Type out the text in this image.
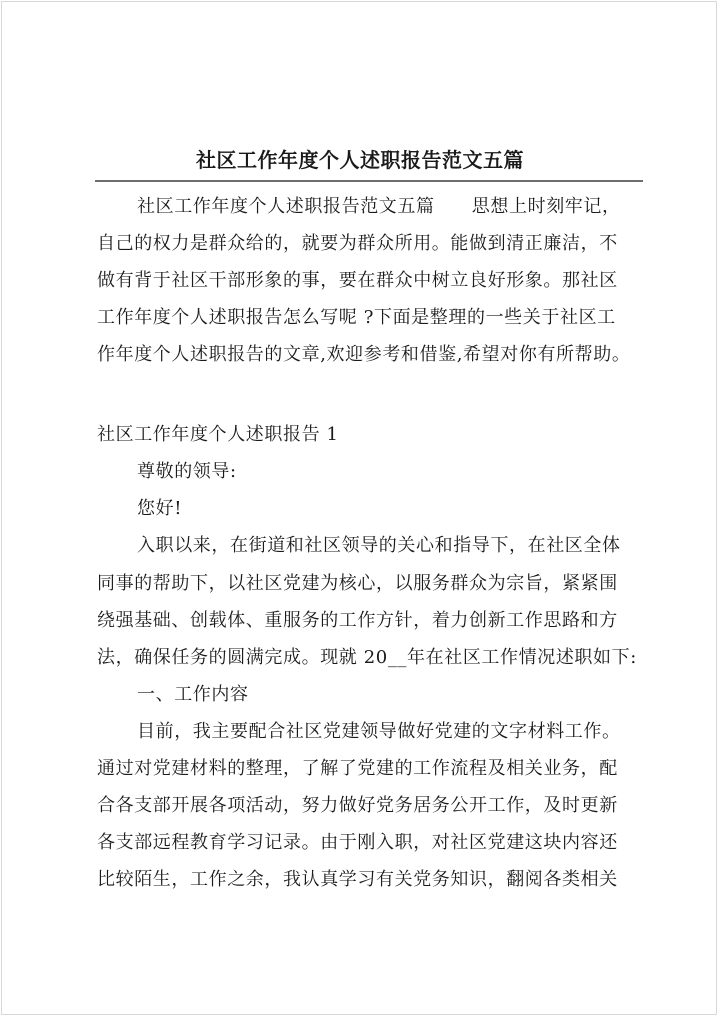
社区工作年度个人述职报告范文五篇
社区工作年度个人述职报告范文五篇　　思想上时刻牢记，
自己的权力是群众给的，就要为群众所用。能做到清正廉洁，不
做有背于社区干部形象的事，要在群众中树立良好形象。那社区
工作年度个人述职报告怎么写呢 ?下面是整理的一些关于社区工
作年度个人述职报告的文章,欢迎参考和借鉴,希望对你有所帮助。
社区工作年度个人述职报告 1
尊敬的领导:
您好!
入职以来，在街道和社区领导的关心和指导下，在社区全体
同事的帮助下，以社区党建为核心，以服务群众为宗旨，紧紧围
绕强基础、创载体、重服务的工作方针，着力创新工作思路和方
法，确保任务的圆满完成。现就 20__年在社区工作情况述职如下:
一、工作内容
目前，我主要配合社区党建领导做好党建的文字材料工作。
通过对党建材料的整理，了解了党建的工作流程及相关业务，配
合各支部开展各项活动，努力做好党务居务公开工作，及时更新
各支部远程教育学习记录。由于刚入职，对社区党建这块内容还
比较陌生，工作之余，我认真学习有关党务知识，翻阅各类相关
